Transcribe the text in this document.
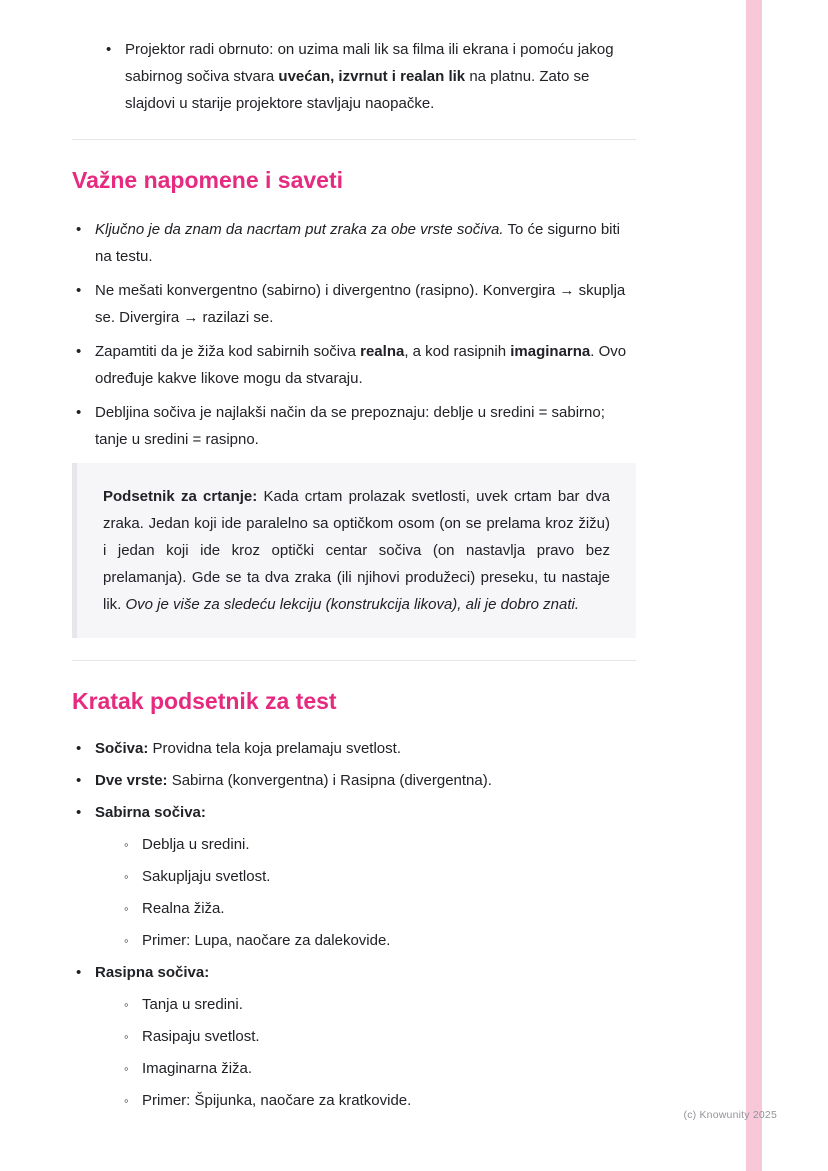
• Projektor radi obrnuto: on uzima mali lik sa filma ili ekrana i pomoću jakog sabirnog sočiva stvara uvećan, izvrnut i realan lik na platnu. Zato se slajdovi u starije projektore stavljaju naopačke.
Važne napomene i saveti
• Ključno je da znam da nacrtam put zraka za obe vrste sočiva. To će sigurno biti na testu.
• Ne mešati konvergentno (sabirno) i divergentno (rasipno). Konvergira → skuplja se. Divergira → razilazi se.
• Zapamtiti da je žiža kod sabirnih sočiva realna, a kod rasipnih imaginarna. Ovo određuje kakve likove mogu da stvaraju.
• Debljina sočiva je najlakši način da se prepoznaju: deblje u sredini = sabirno; tanje u sredini = rasipno.

Podsetnik za crtanje: Kada crtam prolazak svetlosti, uvek crtam bar dva zraka. Jedan koji ide paralelno sa optičkom osom (on se prelama kroz žižu) i jedan koji ide kroz optički centar sočiva (on nastavlja pravo bez prelamanja). Gde se ta dva zraka (ili njihovi produžeci) preseku, tu nastaje lik. Ovo je više za sledeću lekciju (konstrukcija likova), ali je dobro znati.

Kratak podsetnik za test
• Sočiva: Providna tela koja prelamaju svetlost.
• Dve vrste: Sabirna (konvergentna) i Rasipna (divergentna).
• Sabirna sočiva:
◦ Deblja u sredini.
◦ Sakupljaju svetlost.
◦ Realna žiža.
◦ Primer: Lupa, naočare za dalekovide.
• Rasipna sočiva:
◦ Tanja u sredini.
◦ Rasipaju svetlost.
◦ Imaginarna žiža.
◦ Primer: Špijunka, naočare za kratkovide.
(c) Knowunity 2025
